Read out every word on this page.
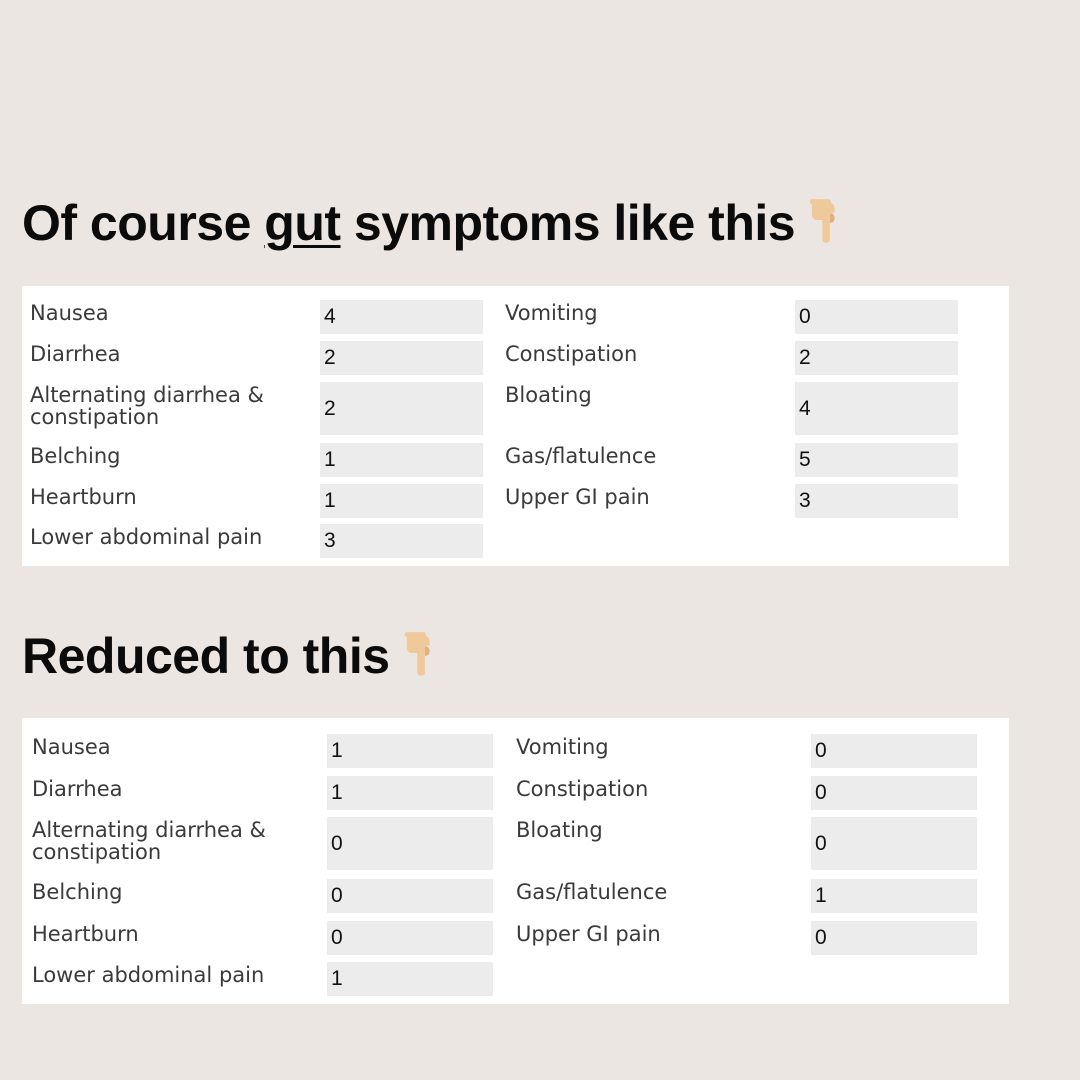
Of course gut symptoms like this
Nausea	4
Diarrhea	2
Alternating diarrhea &
constipation	2
Belching	1
Heartburn	1
Lower abdominal pain	3
Vomiting	0
Constipation	2
Bloating
4
Gas/flatulence	5
Upper GI pain	3
Reduced to this
Nausea	1
Diarrhea	1
Alternating diarrhea &
constipation	0
Belching	0
Heartburn	0
Lower abdominal pain	1
Vomiting	0
Constipation	0
Bloating
0
Gas/flatulence	1
Upper GI pain	0
